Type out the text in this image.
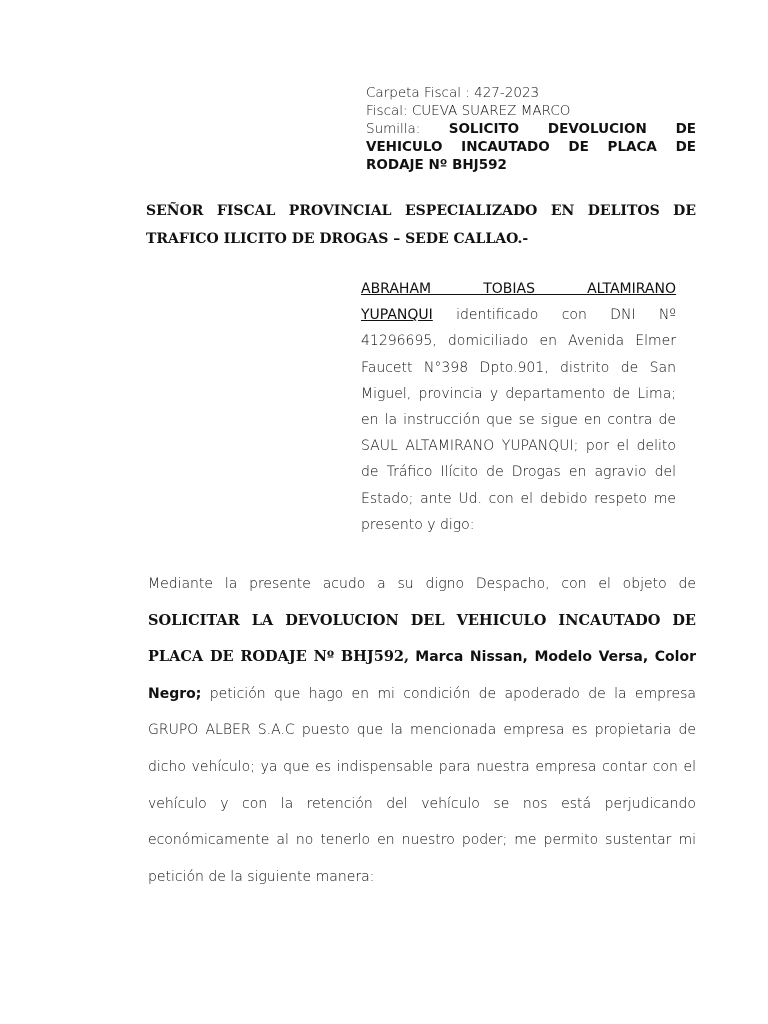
Carpeta Fiscal : 427-2023
Fiscal: CUEVA SUAREZ MARCO
Sumilla: SOLICITO DEVOLUCION DE VEHICULO INCAUTADO DE PLACA DE RODAJE Nº BHJ592
SEÑOR FISCAL PROVINCIAL ESPECIALIZADO EN DELITOS DE TRAFICO ILICITO DE DROGAS – SEDE CALLAO.-
ABRAHAM TOBIAS ALTAMIRANO
YUPANQUI identificado con DNI Nº 41296695, domiciliado en Avenida Elmer Faucett N°398 Dpto.901, distrito de San Miguel, provincia y departamento de Lima; en la instrucción que se sigue en contra de SAUL ALTAMIRANO YUPANQUI; por el delito de Tráfico Ilícito de Drogas en agravio del Estado; ante Ud. con el debido respeto me presento y digo:
Mediante la presente acudo a su digno Despacho, con el objeto de SOLICITAR LA DEVOLUCION DEL VEHICULO INCAUTADO DE PLACA DE RODAJE Nº BHJ592, Marca Nissan, Modelo Versa, Color Negro; petición que hago en mi condición de apoderado de la empresa GRUPO ALBER S.A.C puesto que la mencionada empresa es propietaria de dicho vehículo; ya que es indispensable para nuestra empresa contar con el vehículo y con la retención del vehículo se nos está perjudicando económicamente al no tenerlo en nuestro poder; me permito sustentar mi petición de la siguiente manera:
